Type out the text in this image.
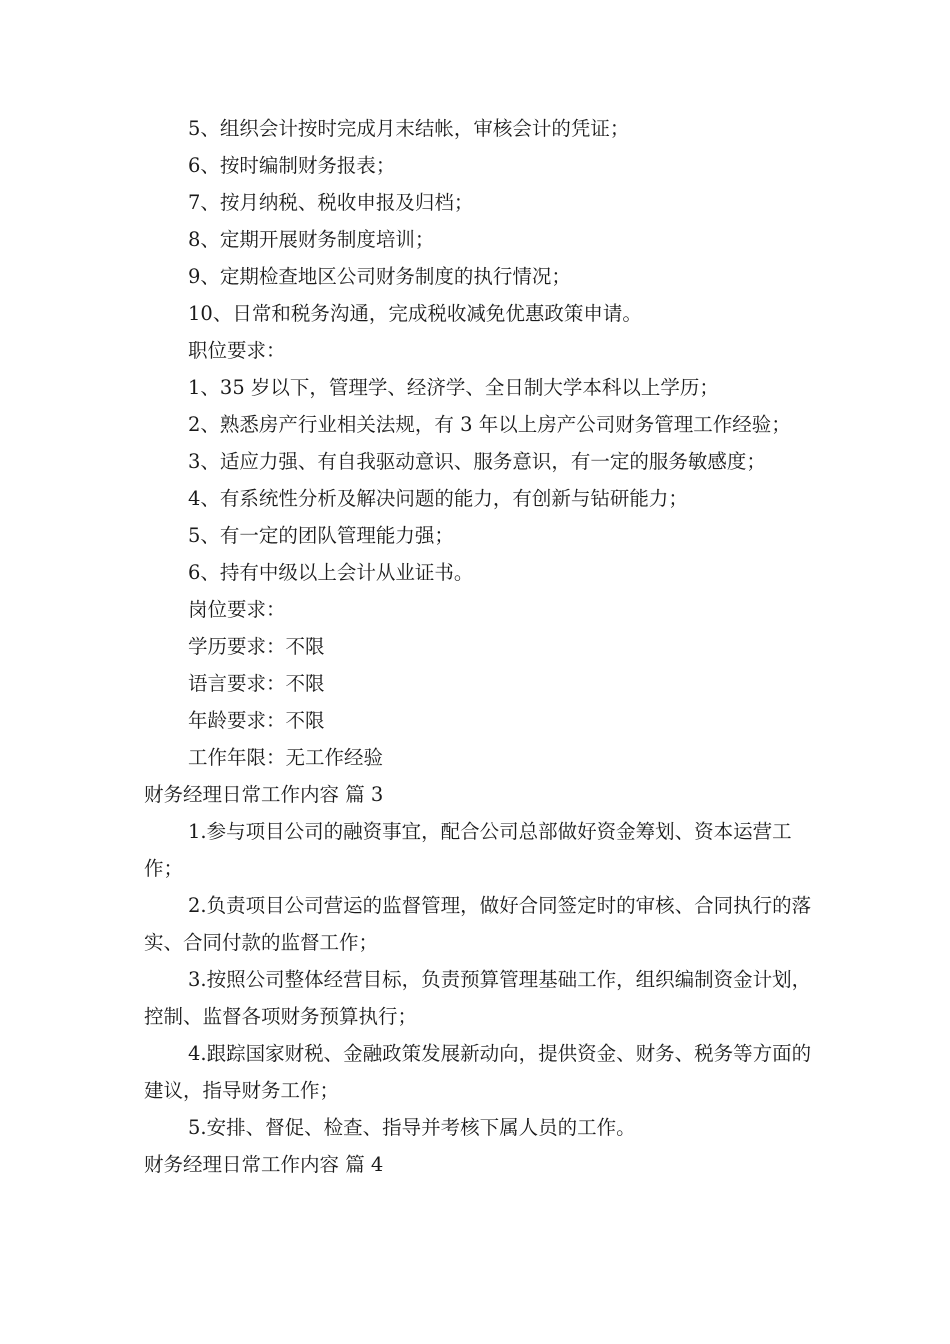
5、组织会计按时完成月末结帐，审核会计的凭证；

6、按时编制财务报表；

7、按月纳税、税收申报及归档；

8、定期开展财务制度培训；

9、定期检查地区公司财务制度的执行情况；

10、日常和税务沟通，完成税收减免优惠政策申请。

职位要求：

1、35 岁以下，管理学、经济学、全日制大学本科以上学历；

2、熟悉房产行业相关法规，有 3 年以上房产公司财务管理工作经验；

3、适应力强、有自我驱动意识、服务意识，有一定的服务敏感度；

4、有系统性分析及解决问题的能力，有创新与钻研能力；

5、有一定的团队管理能力强；

6、持有中级以上会计从业证书。

岗位要求：

学历要求：不限

语言要求：不限

年龄要求：不限

工作年限：无工作经验

财务经理日常工作内容 篇 3

1.参与项目公司的融资事宜，配合公司总部做好资金筹划、资本运营工作；

2.负责项目公司营运的监督管理，做好合同签定时的审核、合同执行的落实、合同付款的监督工作；

3.按照公司整体经营目标，负责预算管理基础工作，组织编制资金计划，控制、监督各项财务预算执行；

4.跟踪国家财税、金融政策发展新动向，提供资金、财务、税务等方面的建议，指导财务工作；

5.安排、督促、检查、指导并考核下属人员的工作。

财务经理日常工作内容 篇 4
